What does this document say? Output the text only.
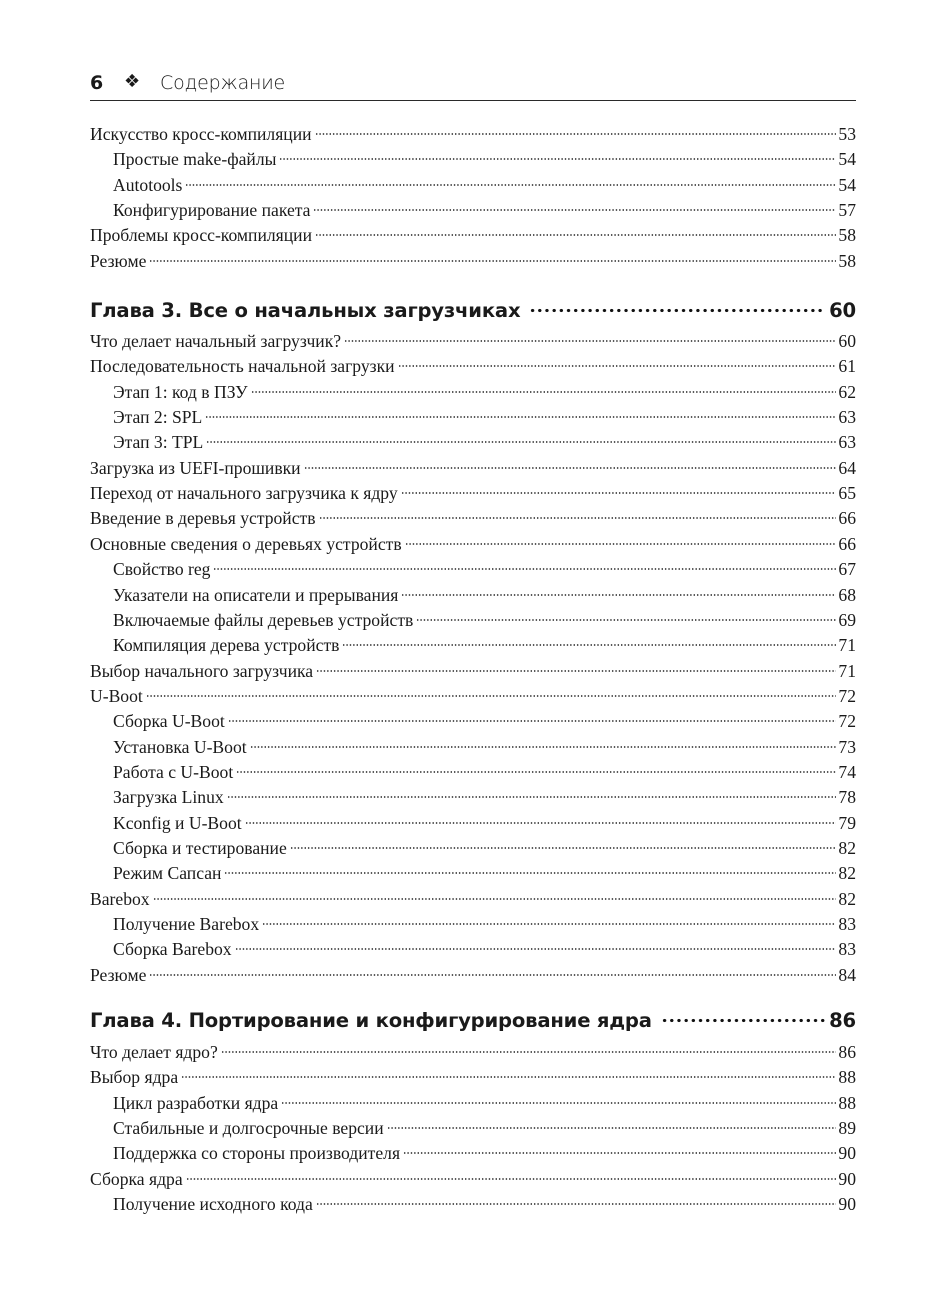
6 ❖ Содержание
Искусство кросс-компиляции	53
Простые make-файлы	54
Autotools	54
Конфигурирование пакета	57
Проблемы кросс-компиляции	58
Резюме	58
Глава 3. Все о начальных загрузчиках	60
Что делает начальный загрузчик?	60
Последовательность начальной загрузки	61
Этап 1: код в ПЗУ	62
Этап 2: SPL	63
Этап 3: TPL	63
Загрузка из UEFI-прошивки	64
Переход от начального загрузчика к ядру	65
Введение в деревья устройств	66
Основные сведения о деревьях устройств	66
Свойство reg	67
Указатели на описатели и прерывания	68
Включаемые файлы деревьев устройств	69
Компиляция дерева устройств	71
Выбор начального загрузчика	71
U-Boot	72
Сборка U-Boot	72
Установка U-Boot	73
Работа с U-Boot	74
Загрузка Linux	78
Kconfig и U-Boot	79
Сборка и тестирование	82
Режим Сапсан	82
Barebox	82
Получение Barebox	83
Сборка Barebox	83
Резюме	84
Глава 4. Портирование и конфигурирование ядра	86
Что делает ядро?	86
Выбор ядра	88
Цикл разработки ядра	88
Стабильные и долгосрочные версии	89
Поддержка со стороны производителя	90
Сборка ядра	90
Получение исходного кода	90
